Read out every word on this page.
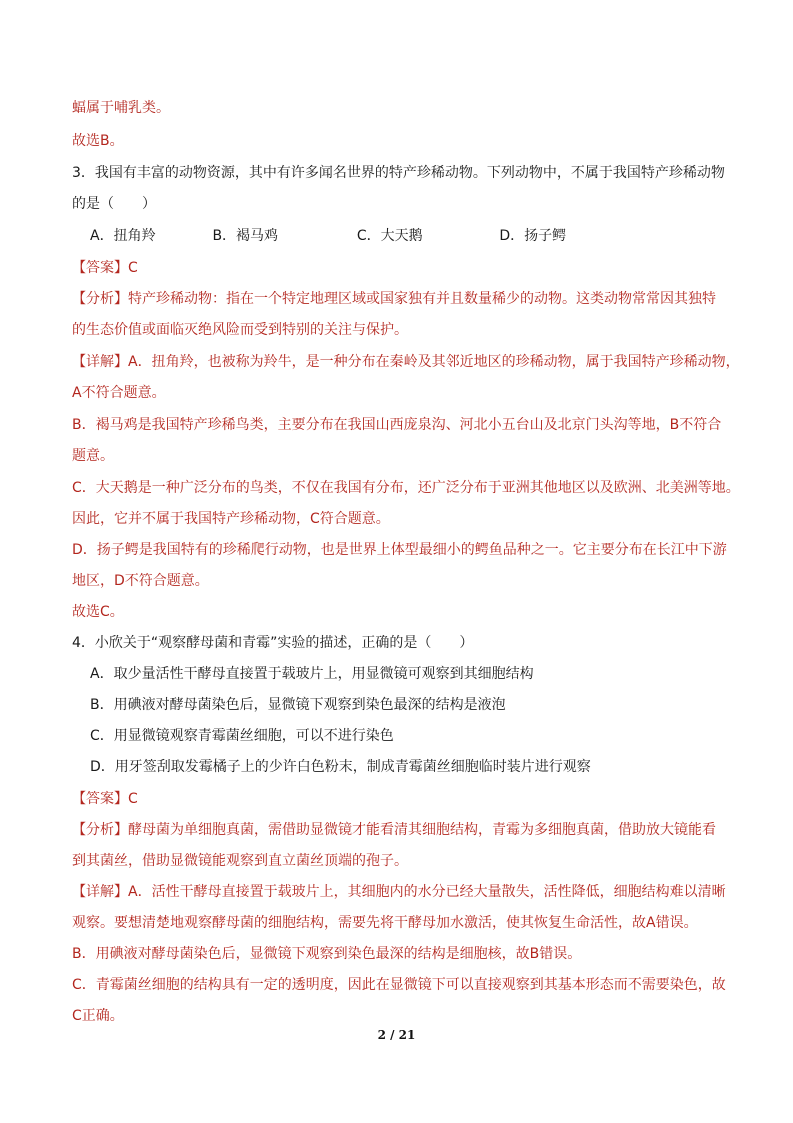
蝠属于哺乳类。
故选B。
3．我国有丰富的动物资源，其中有许多闻名世界的特产珍稀动物。下列动物中，不属于我国特产珍稀动物
的是（　　）
A．扭角羚	B．褐马鸡	C．大天鹅	D．扬子鳄
【答案】C
【分析】特产珍稀动物：指在一个特定地理区域或国家独有并且数量稀少的动物。这类动物常常因其独特
的生态价值或面临灭绝风险而受到特别的关注与保护。
【详解】A．扭角羚，也被称为羚牛，是一种分布在秦岭及其邻近地区的珍稀动物，属于我国特产珍稀动物，
A不符合题意。
B．褐马鸡是我国特产珍稀鸟类，主要分布在我国山西庞泉沟、河北小五台山及北京门头沟等地，B不符合
题意。
C．大天鹅是一种广泛分布的鸟类，不仅在我国有分布，还广泛分布于亚洲其他地区以及欧洲、北美洲等地。
因此，它并不属于我国特产珍稀动物，C符合题意。
D．扬子鳄是我国特有的珍稀爬行动物，也是世界上体型最细小的鳄鱼品种之一。它主要分布在长江中下游
地区，D不符合题意。
故选C。
4．小欣关于“观察酵母菌和青霉”实验的描述，正确的是（　　）
A．取少量活性干酵母直接置于载玻片上，用显微镜可观察到其细胞结构
B．用碘液对酵母菌染色后，显微镜下观察到染色最深的结构是液泡
C．用显微镜观察青霉菌丝细胞，可以不进行染色
D．用牙签刮取发霉橘子上的少许白色粉末，制成青霉菌丝细胞临时装片进行观察
【答案】C
【分析】酵母菌为单细胞真菌，需借助显微镜才能看清其细胞结构，青霉为多细胞真菌，借助放大镜能看
到其菌丝，借助显微镜能观察到直立菌丝顶端的孢子。
【详解】A．活性干酵母直接置于载玻片上，其细胞内的水分已经大量散失，活性降低，细胞结构难以清晰
观察。要想清楚地观察酵母菌的细胞结构，需要先将干酵母加水激活，使其恢复生命活性，故A错误。
B．用碘液对酵母菌染色后，显微镜下观察到染色最深的结构是细胞核，故B错误。
C．青霉菌丝细胞的结构具有一定的透明度，因此在显微镜下可以直接观察到其基本形态而不需要染色，故
C正确。
2 / 21
